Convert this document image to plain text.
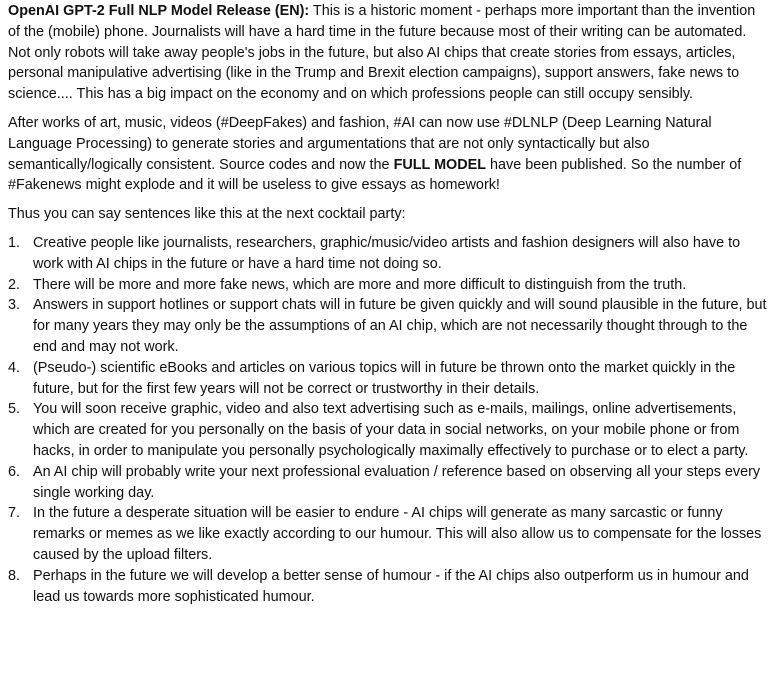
OpenAI GPT-2 Full NLP Model Release (EN): This is a historic moment - perhaps more important than the invention of the (mobile) phone. Journalists will have a hard time in the future because most of their writing can be automated. Not only robots will take away people's jobs in the future, but also AI chips that create stories from essays, articles, personal manipulative advertising (like in the Trump and Brexit election campaigns), support answers, fake news to science.... This has a big impact on the economy and on which professions people can still occupy sensibly.

After works of art, music, videos (#DeepFakes) and fashion, #AI can now use #DLNLP (Deep Learning Natural Language Processing) to generate stories and argumentations that are not only syntactically but also semantically/logically consistent. Source codes and now the FULL MODEL have been published. So the number of #Fakenews might explode and it will be useless to give essays as homework!

Thus you can say sentences like this at the next cocktail party:

1. Creative people like journalists, researchers, graphic/music/video artists and fashion designers will also have to work with AI chips in the future or have a hard time not doing so.
2. There will be more and more fake news, which are more and more difficult to distinguish from the truth.
3. Answers in support hotlines or support chats will in future be given quickly and will sound plausible in the future, but for many years they may only be the assumptions of an AI chip, which are not necessarily thought through to the end and may not work.
4. (Pseudo-) scientific eBooks and articles on various topics will in future be thrown onto the market quickly in the future, but for the first few years will not be correct or trustworthy in their details.
5. You will soon receive graphic, video and also text advertising such as e-mails, mailings, online advertisements, which are created for you personally on the basis of your data in social networks, on your mobile phone or from hacks, in order to manipulate you personally psychologically maximally effectively to purchase or to elect a party.
6. An AI chip will probably write your next professional evaluation / reference based on observing all your steps every single working day.
7. In the future a desperate situation will be easier to endure - AI chips will generate as many sarcastic or funny remarks or memes as we like exactly according to our humour. This will also allow us to compensate for the losses caused by the upload filters.
8. Perhaps in the future we will develop a better sense of humour - if the AI chips also outperform us in humour and lead us towards more sophisticated humour.
